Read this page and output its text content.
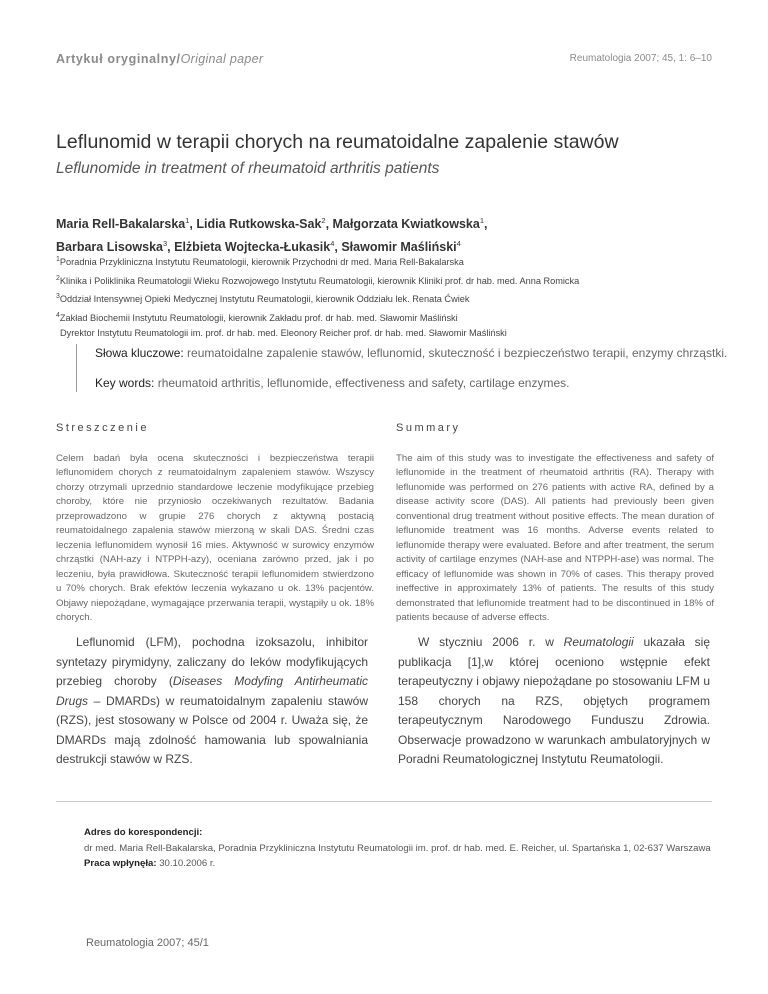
Artykuł oryginalny/Original paper	Reumatologia 2007; 45, 1: 6–10
Leflunomid w terapii chorych na reumatoidalne zapalenie stawów
Leflunomide in treatment of rheumatoid arthritis patients
Maria Rell-Bakalarska$^1$, Lidia Rutkowska-Sak$^2$, Małgorzata Kwiatkowska$^1$,
Barbara Lisowska$^3$, Elżbieta Wojtecka-Łukasik$^4$, Sławomir Maśliński$^4$
$^1$Poradnia Przykliniczna Instytutu Reumatologii, kierownik Przychodni dr med. Maria Rell-Bakalarska
$^2$Klinika i Poliklinika Reumatologii Wieku Rozwojowego Instytutu Reumatologii, kierownik Kliniki prof. dr hab. med. Anna Romicka
$^3$Oddział Intensywnej Opieki Medycznej Instytutu Reumatologii, kierownik Oddziału lek. Renata Ćwiek
$^4$Zakład Biochemii Instytutu Reumatologii, kierownik Zakładu prof. dr hab. med. Sławomir Maśliński
Dyrektor Instytutu Reumatologii im. prof. dr hab. med. Eleonory Reicher prof. dr hab. med. Sławomir Maśliński

Słowa kluczowe: reumatoidalne zapalenie stawów, leflunomid, skuteczność i bezpieczeństwo terapii, enzymy chrząstki.

Key words: rheumatoid arthritis, leflunomide, effectiveness and safety, cartilage enzymes.

Streszczenie

Celem badań była ocena skuteczności i bezpieczeństwa terapii leflunomidem chorych z reumatoidalnym zapaleniem stawów. Wszyscy chorzy otrzymali uprzednio standardowe leczenie modyfikujące przebieg choroby, które nie przyniosło oczekiwanych rezultatów. Badania przeprowadzono w grupie 276 chorych z aktywną postacią reumatoidalnego zapalenia stawów mierzoną w skali DAS. Średni czas leczenia leflunomidem wynosił 16 mies. Aktywność w surowicy enzymów chrząstki (NAH-azy i NTPPH-azy), oceniana zarówno przed, jak i po leczeniu, była prawidłowa. Skuteczność terapii leflunomidem stwierdzono u 70% chorych. Brak efektów leczenia wykazano u ok. 13% pacjentów. Objawy niepożądane, wymagające przerwania terapii, wystąpiły u ok. 18% chorych.

Summary

The aim of this study was to investigate the effectiveness and safety of leflunomide in the treatment of rheumatoid arthritis (RA). Therapy with leflunomide was performed on 276 patients with active RA, defined by a disease activity score (DAS). All patients had previously been given conventional drug treatment without positive effects. The mean duration of leflunomide treatment was 16 months. Adverse events related to leflunomide therapy were evaluated. Before and after treatment, the serum activity of cartilage enzymes (NAH-ase and NTPPH-ase) was normal. The efficacy of leflunomide was shown in 70% of cases. This therapy proved ineffective in approximately 13% of patients. The results of this study demonstrated that leflunomide treatment had to be discontinued in 18% of patients because of adverse effects.

Leflunomid (LFM), pochodna izoksazolu, inhibitor syntetazy pirymidyny, zaliczany do leków modyfikujących przebieg choroby (Diseases Modyfing Antirheumatic Drugs – DMARDs) w reumatoidalnym zapaleniu stawów (RZS), jest stosowany w Polsce od 2004 r. Uważa się, że DMARDs mają zdolność hamowania lub spowalniania destrukcji stawów w RZS.

W styczniu 2006 r. w Reumatologii ukazała się publikacja [1],w której oceniono wstępnie efekt terapeutyczny i objawy niepożądane po stosowaniu LFM u 158 chorych na RZS, objętych programem terapeutycznym Narodowego Funduszu Zdrowia. Obserwacje prowadzono w warunkach ambulatoryjnych w Poradni Reumatologicznej Instytutu Reumatologii.

Adres do korespondencji:

dr med. Maria Rell-Bakalarska, Poradnia Przykliniczna Instytutu Reumatologii im. prof. dr hab. med. E. Reicher, ul. Spartańska 1, 02-637 Warszawa

Praca wpłynęła: 30.10.2006 r.

Reumatologia 2007; 45/1
